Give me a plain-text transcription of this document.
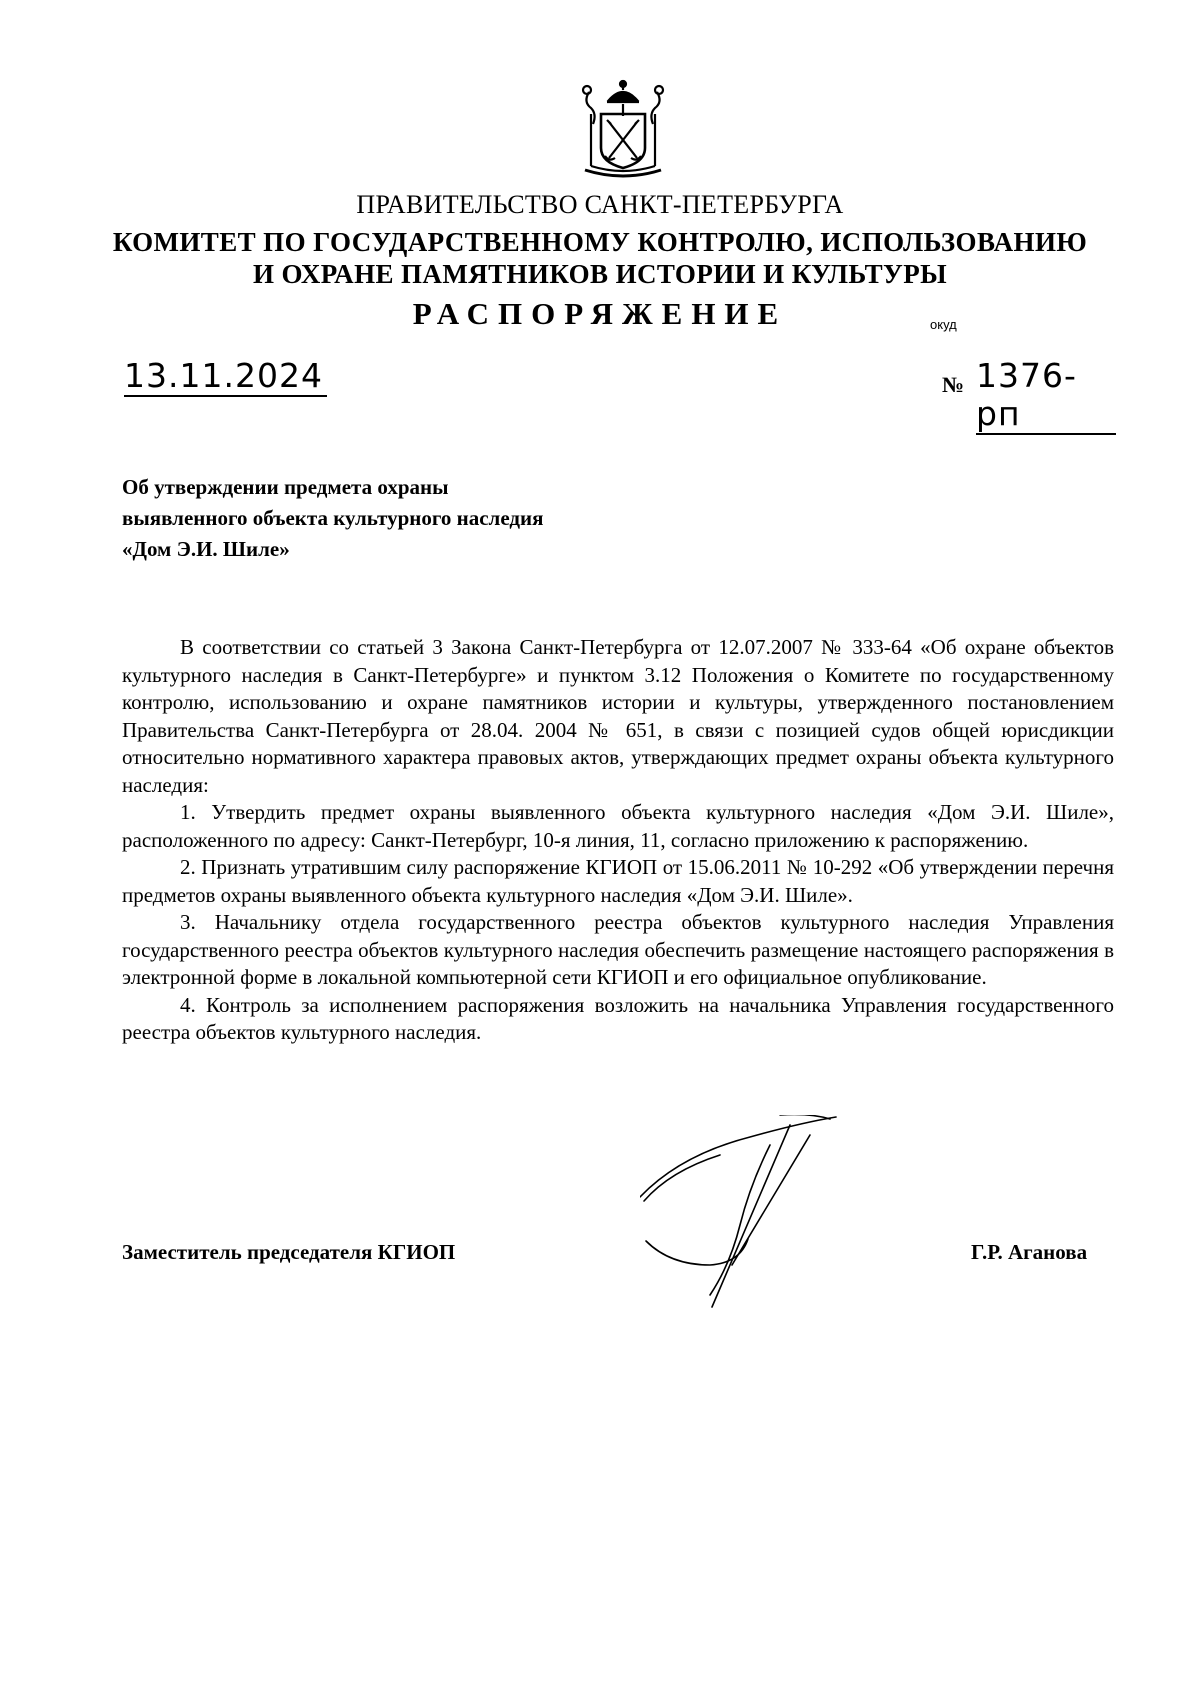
ПРАВИТЕЛЬСТВО САНКТ-ПЕТЕРБУРГА
КОМИТЕТ ПО ГОСУДАРСТВЕННОМУ КОНТРОЛЮ, ИСПОЛЬЗОВАНИЮ
И ОХРАНЕ ПАМЯТНИКОВ ИСТОРИИ И КУЛЬТУРЫ
РАСПОРЯЖЕНИЕ	окуд
13.11.2024	№ 1376-рп
Об утверждении предмета охраны
выявленного объекта культурного наследия
«Дом Э.И. Шиле»

В соответствии со статьей 3 Закона Санкт-Петербурга от 12.07.2007 № 333-64 «Об охране объектов культурного наследия в Санкт-Петербурге» и пунктом 3.12 Положения о Комитете по государственному контролю, использованию и охране памятников истории и культуры, утвержденного постановлением Правительства Санкт-Петербурга от 28.04. 2004 № 651, в связи с позицией судов общей юрисдикции относительно нормативного характера правовых актов, утверждающих предмет охраны объекта культурного наследия:

1. Утвердить предмет охраны выявленного объекта культурного наследия «Дом Э.И. Шиле», расположенного по адресу: Санкт-Петербург, 10-я линия, 11, согласно приложению к распоряжению.

2. Признать утратившим силу распоряжение КГИОП от 15.06.2011 № 10-292 «Об утверждении перечня предметов охраны выявленного объекта культурного наследия «Дом Э.И. Шиле».

3. Начальнику отдела государственного реестра объектов культурного наследия Управления государственного реестра объектов культурного наследия обеспечить размещение настоящего распоряжения в электронной форме в локальной компьютерной сети КГИОП и его официальное опубликование.

4. Контроль за исполнением распоряжения возложить на начальника Управления государственного реестра объектов культурного наследия.

Заместитель председателя КГИОП	Г.Р. Аганова
